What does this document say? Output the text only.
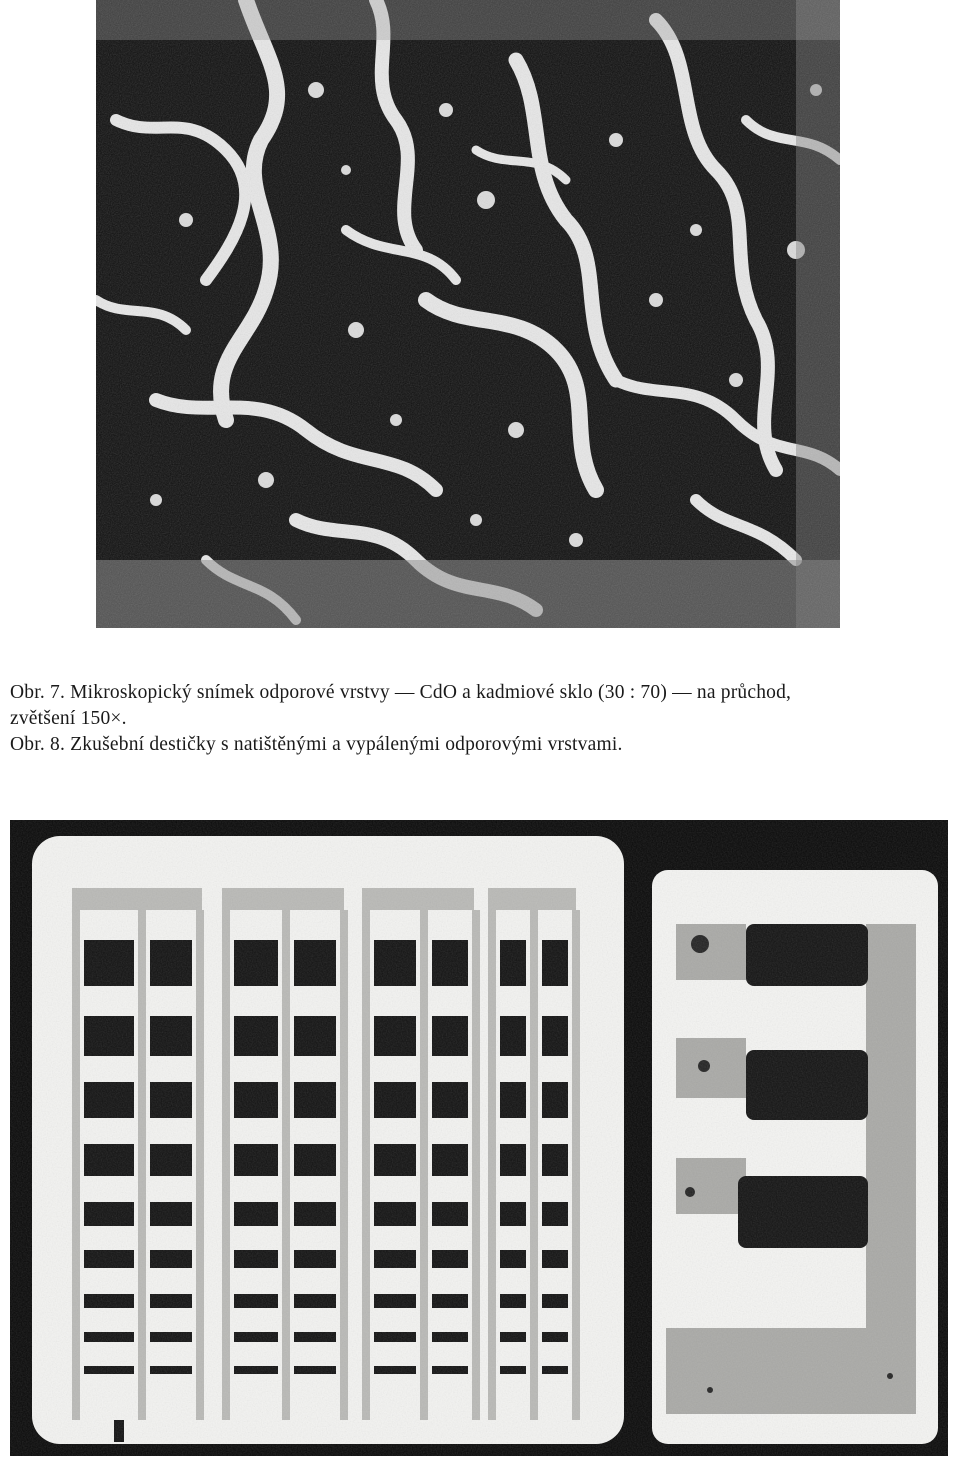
Obr. 7. Mikroskopický snímek odporové vrstvy — CdO a kadmiové sklo (30 : 70) — na průchod,

zvětšení 150×.

Obr. 8. Zkušební destičky s natištěnými a vypálenými odporovými vrstvami.
